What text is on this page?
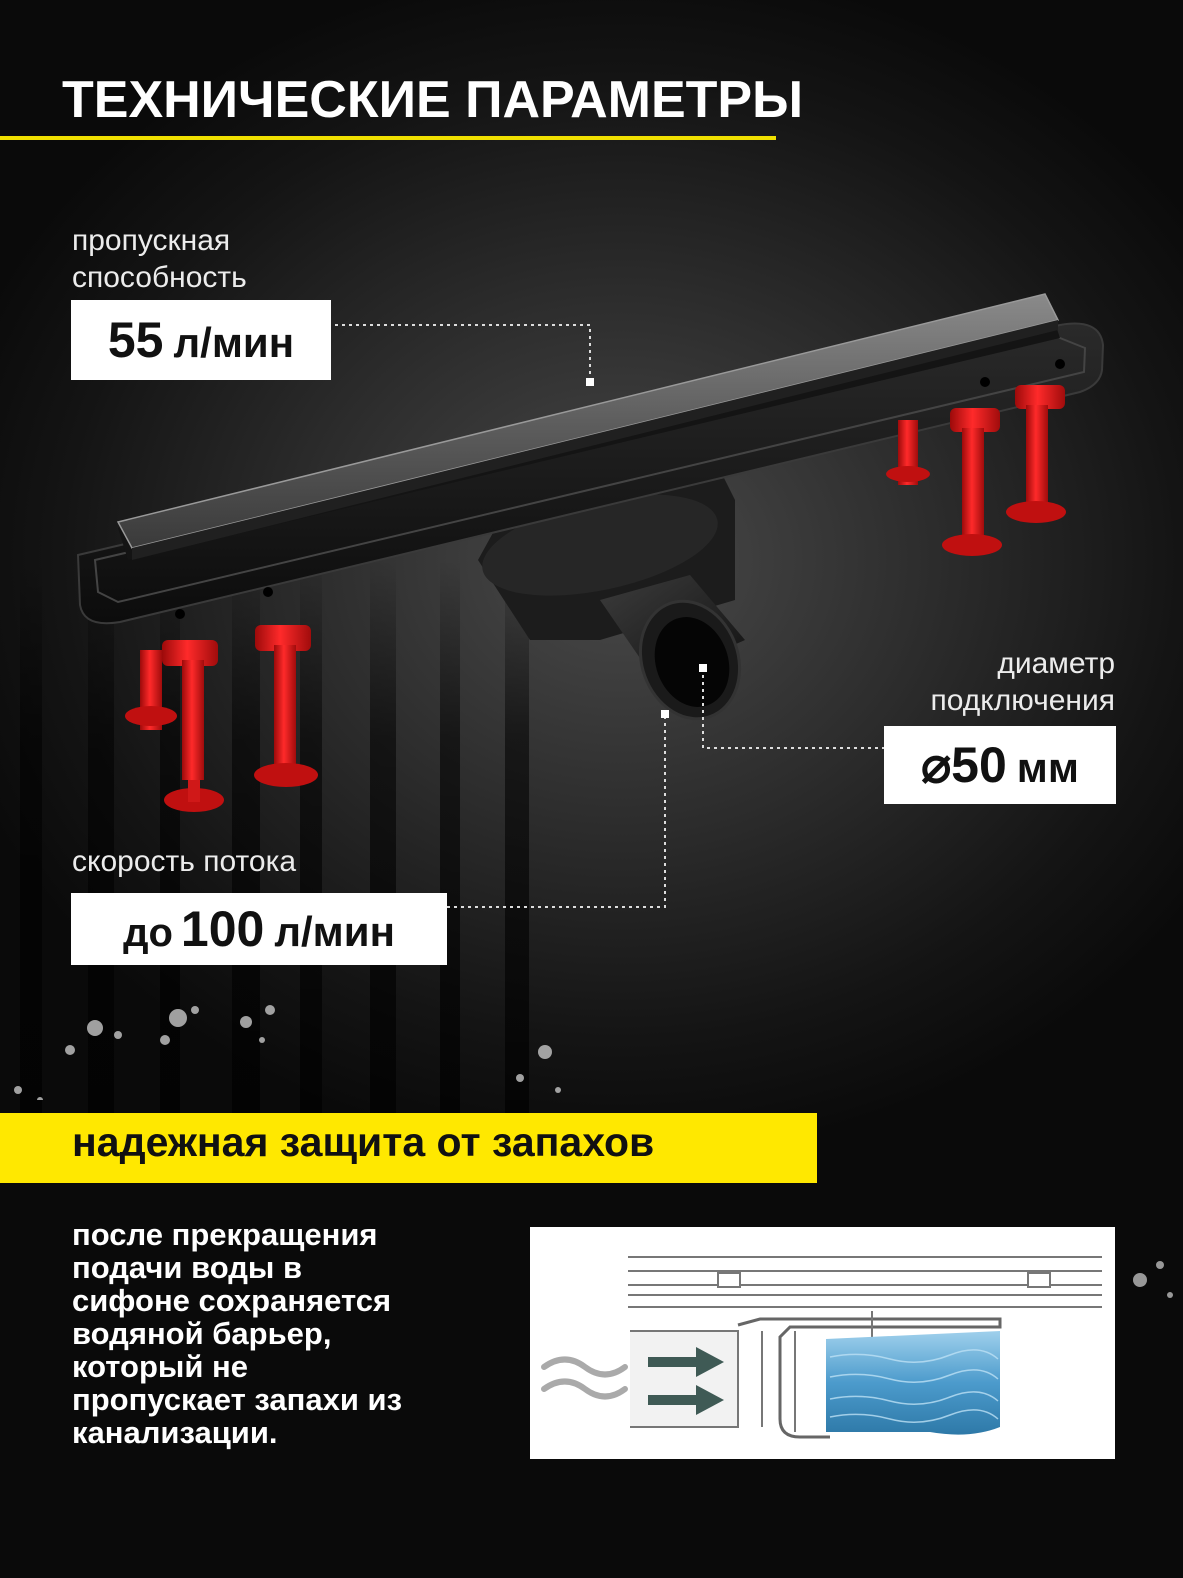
ТЕХНИЧЕСКИЕ ПАРАМЕТРЫ
пропускная
способность
55 л/мин
диаметр
подключения
⌀50 мм
скорость потока
до 100 л/мин
надежная защита от запахов

после прекращения

подачи воды в

сифоне сохраняется

водяной барьер,

который не

пропускает запахи из

канализации.
